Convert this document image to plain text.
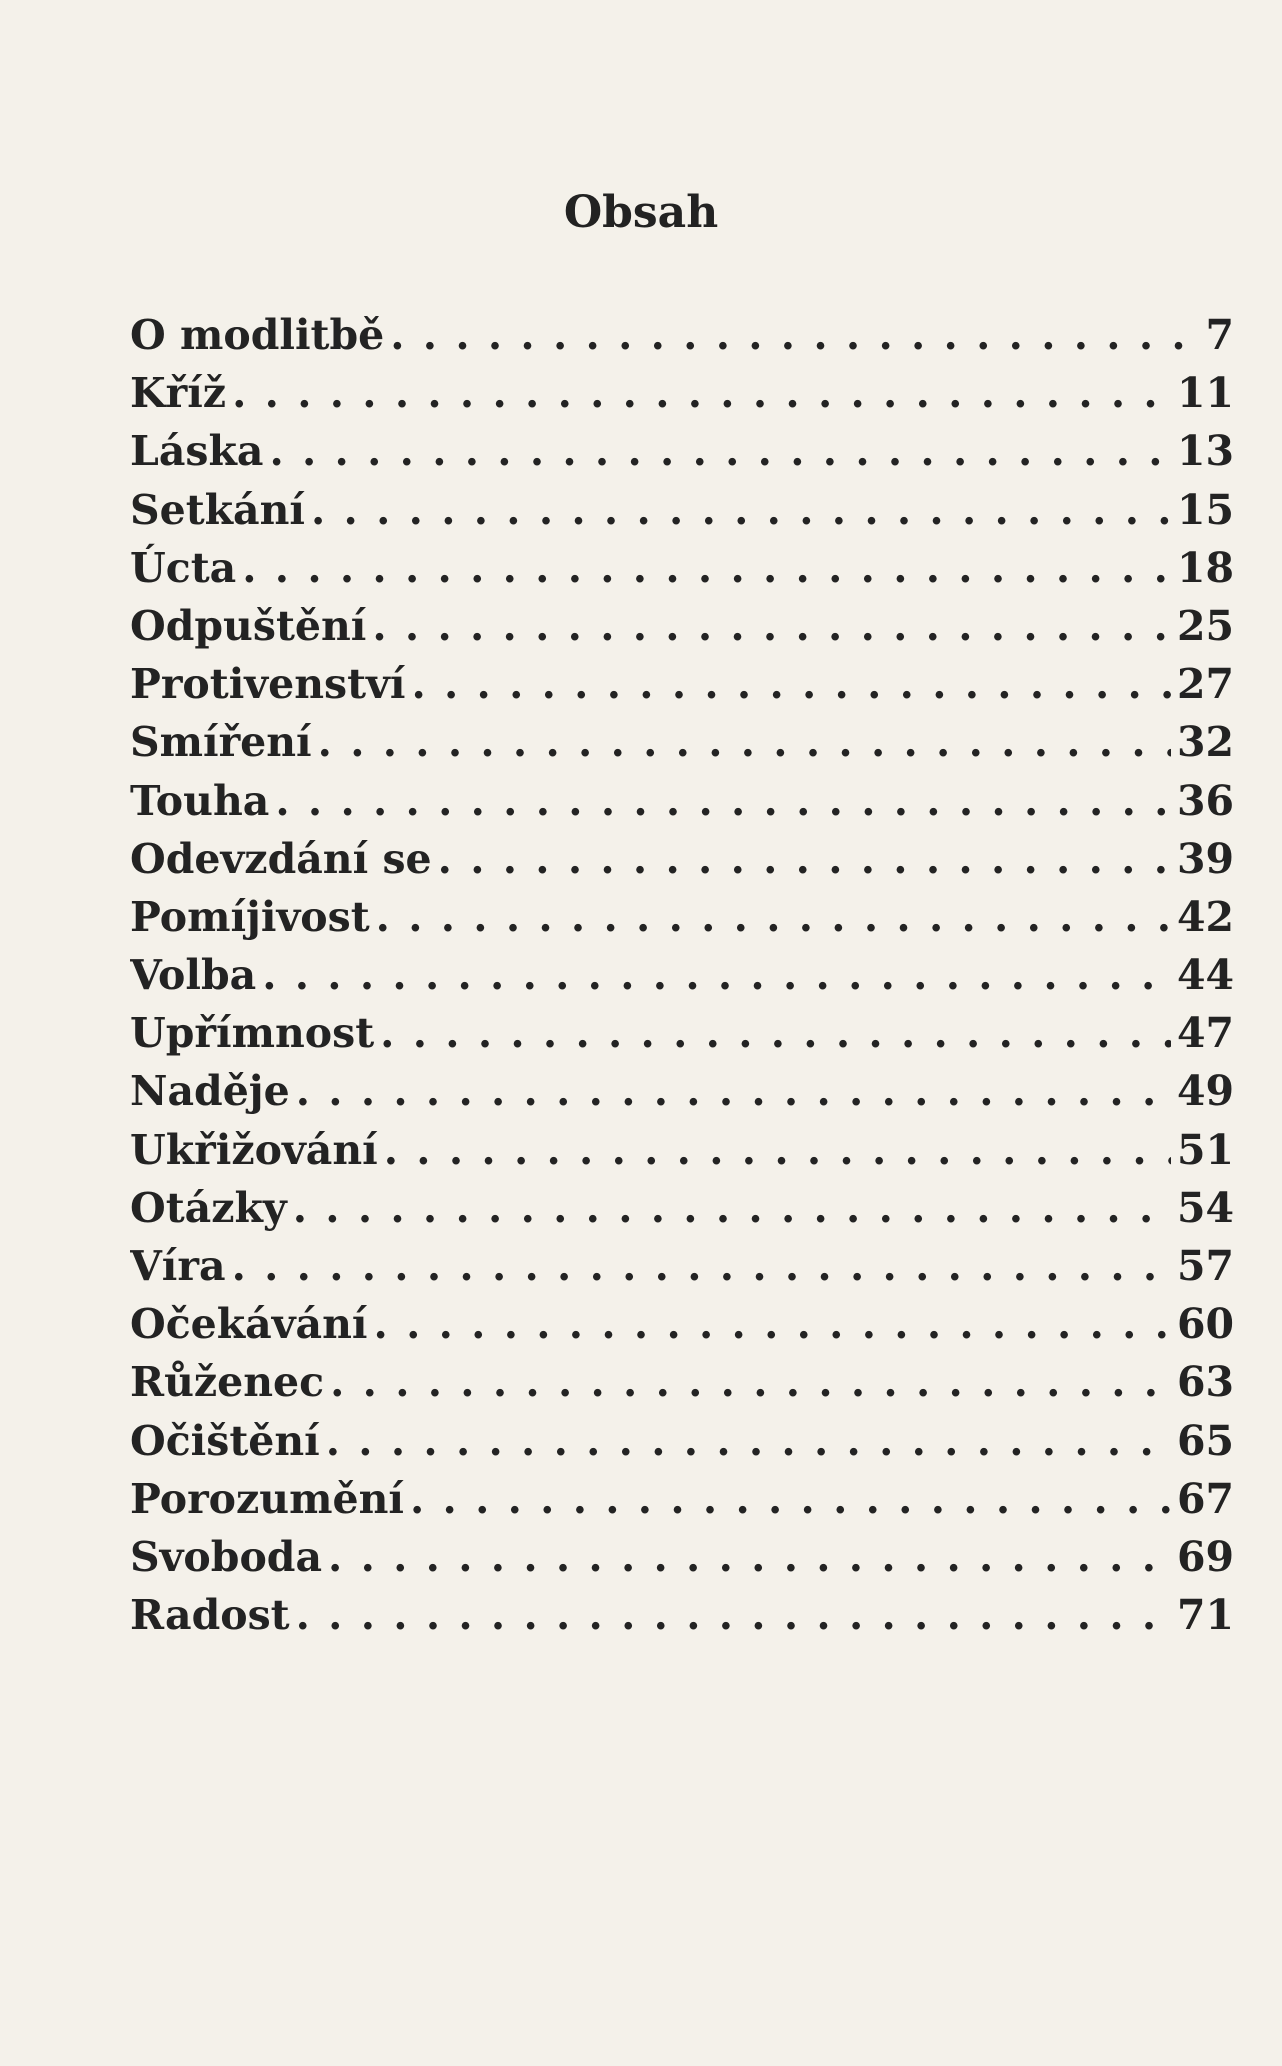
Obsah
O modlitbě . . .	7
Kříž . . .	11
Láska . . .	13
Setkání . . .	15
Úcta . . .	18
Odpuštění . . .	25
Protivenství . . .	27
Smíření . . .	32
Touha . . .	36
Odevzdání se . . .	39
Pomíjivost . . .	42
Volba . . .	44
Upřímnost . . .	47
Naděje . . .	49
Ukřižování . . .	51
Otázky . . .	54
Víra . . .	57
Očekávání . . .	60
Růženec . . .	63
Očištění . . .	65
Porozumění . . .	67
Svoboda . . .	69
Radost . . .	71
